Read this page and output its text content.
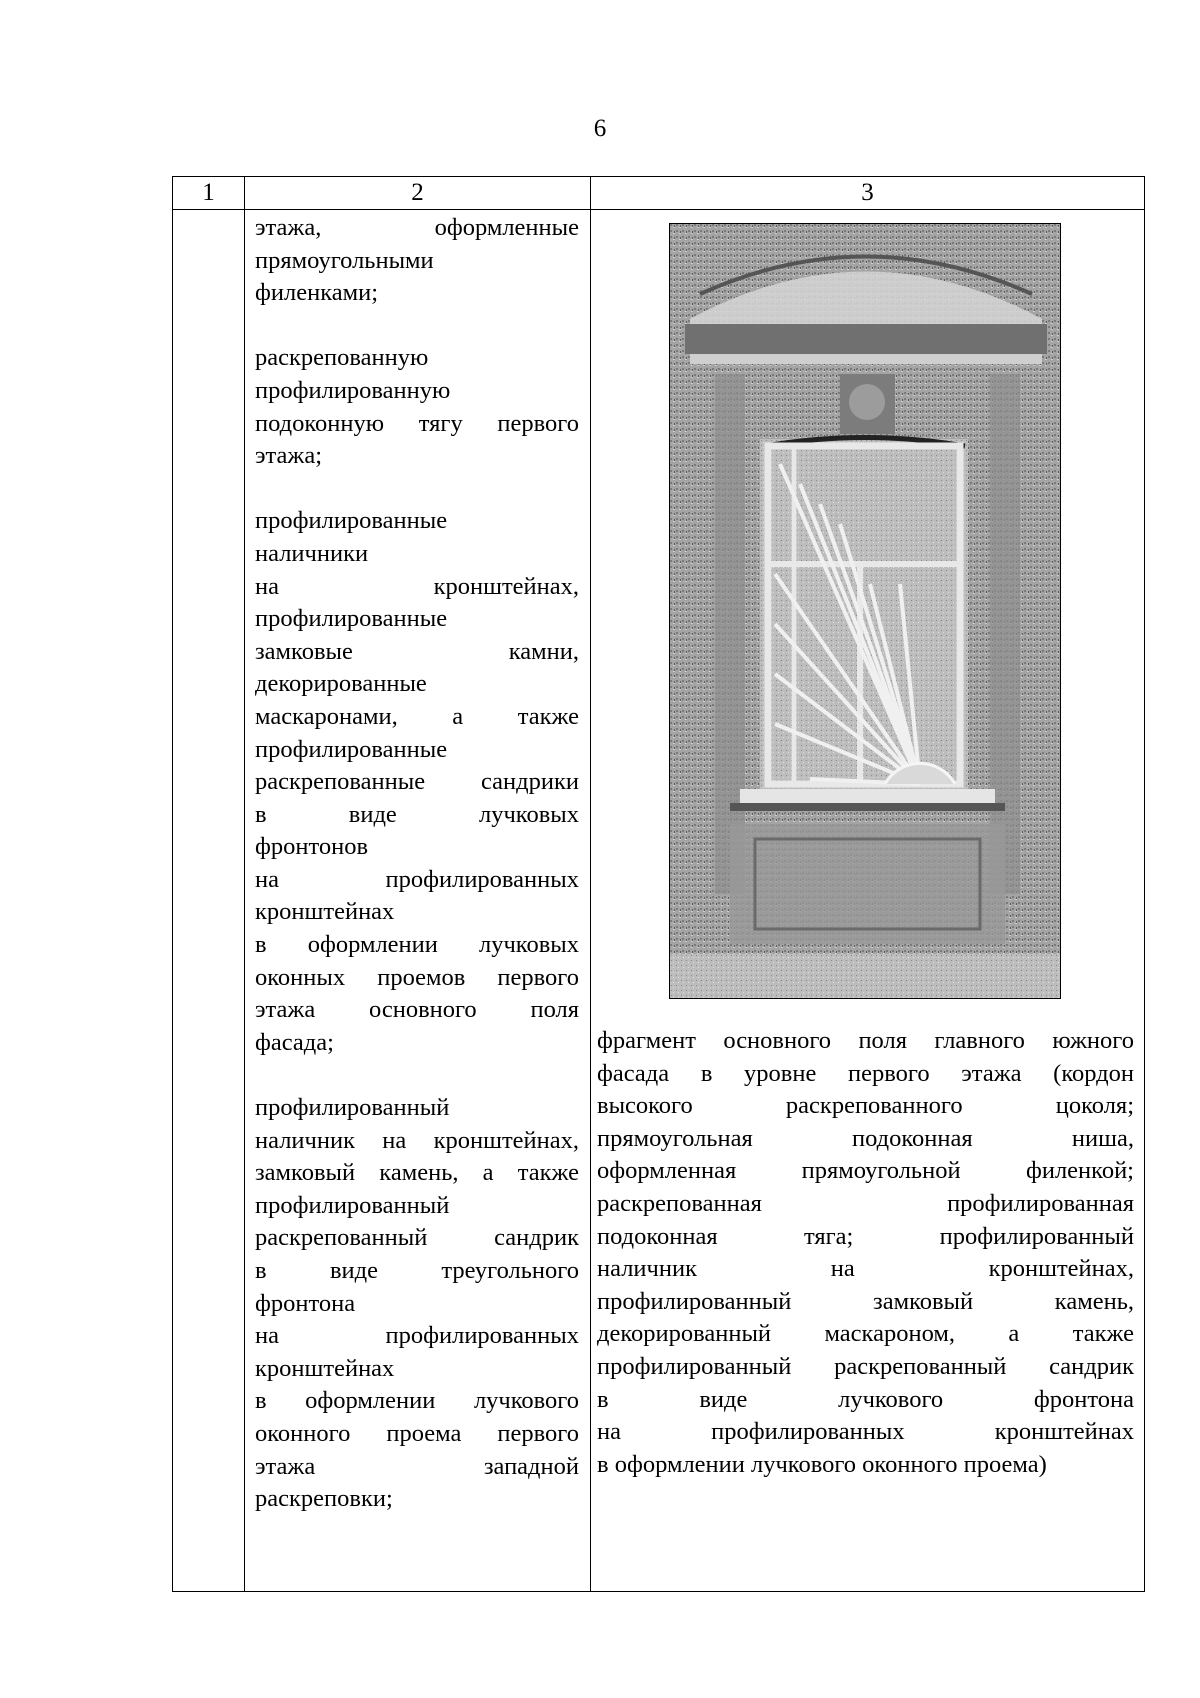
6
1	2	3
этажа, оформленные
прямоугольными
филенками;
раскрепованную
профилированную
подоконную тягу первого
этажа;
профилированные
наличники
на кронштейнах,
профилированные
замковые камни,
декорированные
маскаронами, а также
профилированные
раскрепованные сандрики
в виде лучковых
фронтонов
на профилированных
кронштейнах
в оформлении лучковых
оконных проемов первого
этажа основного поля
фасада;
профилированный
наличник на кронштейнах,
замковый камень, а также
профилированный
раскрепованный сандрик
в виде треугольного
фронтона
на профилированных
кронштейнах
в оформлении лучкового
оконного проема первого
этажа западной
раскреповки;
фрагмент основного поля главного южного
фасада в уровне первого этажа (кордон
высокого раскрепованного цоколя;
прямоугольная подоконная ниша,
оформленная прямоугольной филенкой;
раскрепованная профилированная
подоконная тяга; профилированный
наличник на кронштейнах,
профилированный замковый камень,
декорированный маскароном, а также
профилированный раскрепованный сандрик
в виде лучкового фронтона
на профилированных кронштейнах
в оформлении лучкового оконного проема)
